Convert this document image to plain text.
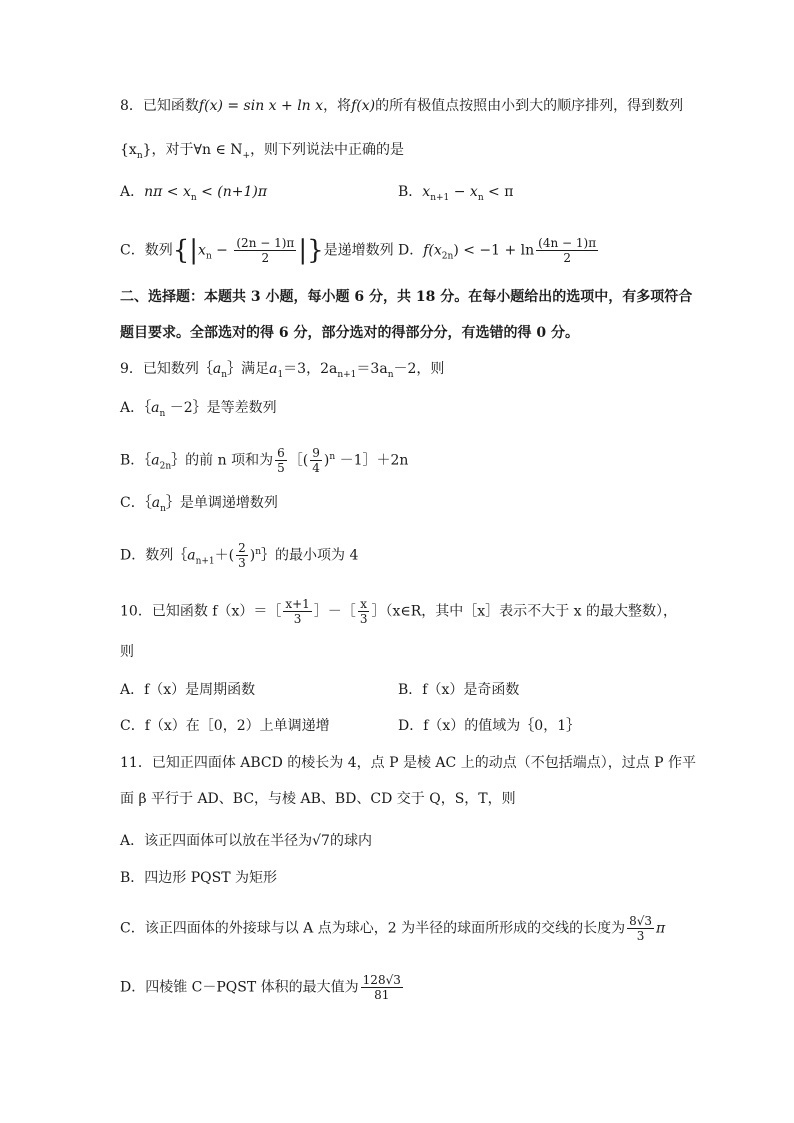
8．已知函数f(x) = sin x + ln x，将f(x)的所有极值点按照由小到大的顺序排列，得到数列
$\{x_n\}$，对于∀n ∈ $N_+$，则下列说法中正确的是
A．$n\pi < x_n < (n+1)\pi$	B．$x_{n+1} - x_n < \pi$
C．数列{$|x_n - \frac{(2n - 1)\pi}{2}$ |}是递增数列 D．$f(x_{2n}) < -1 + \ln \frac{(4n - 1)\pi}{2}$
二、选择题：本题共 3 小题，每小题 6 分，共 18 分。在每小题给出的选项中，有多项符合
题目要求。全部选对的得 6 分，部分选对的得部分分，有选错的得 0 分。
9．已知数列$\{a_n\}$满足$a_1=3$，$2a_{n+1}=3a_n-2$，则
A．$\{a_n$ －2｝是等差数列
B．$\{a_{2n}\}$的前 n 项和为 $\frac{6}{5}$ ［( $\frac{9}{4} )^n$ －1］＋2n
C．$\{a_n\}$是单调递增数列
D．数列$\{a_{n+1}+( \frac{2}{3}$ )$^n$｝的最小项为 4
10．已知函数 f（x）＝［ $\frac{x+1}{3}$ ］－［ $\frac{x}{3}$ ］（x∈R，其中［x］表示不大于 x 的最大整数），
则
A．f（x）是周期函数	B．f（x）是奇函数
C．f（x）在［0，2）上单调递增	D．f（x）的值域为｛0，1｝
11．已知正四面体 ABCD 的棱长为 4，点 P 是棱 AC 上的动点（不包括端点），过点 P 作平
面 β 平行于 AD、BC，与棱 AB、BD、CD 交于 Q，S，T，则
A．该正四面体可以放在半径为√7的球内
B．四边形 PQST 为矩形
C．该正四面体的外接球与以 A 点为球心，2 为半径的球面所形成的交线的长度为 $\frac{8√3}{3}$ π
D．四棱锥 C－PQST 体积的最大值为 $\frac{128√3}{81}$
